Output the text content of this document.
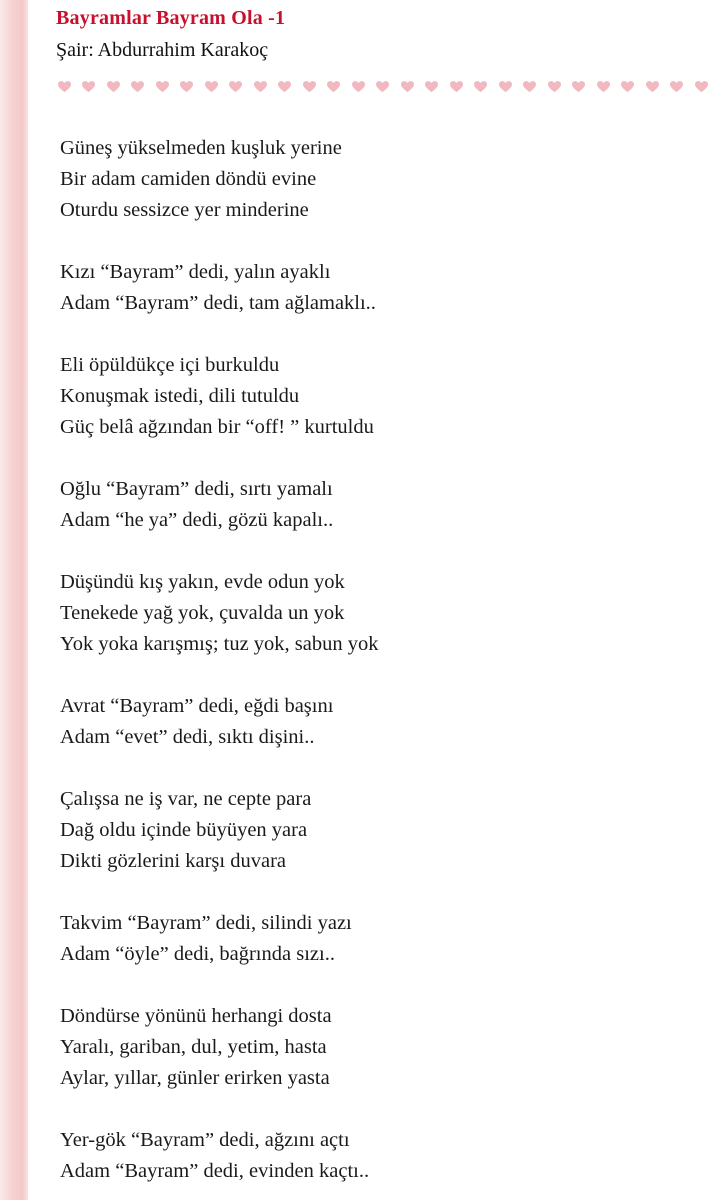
Bayramlar Bayram Ola -1
Şair: Abdurrahim Karakoç
Güneş yükselmeden kuşluk yerine
Bir adam camiden döndü evine
Oturdu sessizce yer minderine
Kızı “Bayram” dedi, yalın ayaklı
Adam “Bayram” dedi, tam ağlamaklı..
Eli öpüldükçe içi burkuldu
Konuşmak istedi, dili tutuldu
Güç belâ ağzından bir “off! ” kurtuldu
Oğlu “Bayram” dedi, sırtı yamalı
Adam “he ya” dedi, gözü kapalı..
Düşündü kış yakın, evde odun yok
Tenekede yağ yok, çuvalda un yok
Yok yoka karışmış; tuz yok, sabun yok
Avrat “Bayram” dedi, eğdi başını
Adam “evet” dedi, sıktı dişini..
Çalışsa ne iş var, ne cepte para
Dağ oldu içinde büyüyen yara
Dikti gözlerini karşı duvara
Takvim “Bayram” dedi, silindi yazı
Adam “öyle” dedi, bağrında sızı..
Döndürse yönünü herhangi dosta
Yaralı, gariban, dul, yetim, hasta
Aylar, yıllar, günler erirken yasta
Yer-gök “Bayram” dedi, ağzını açtı
Adam “Bayram” dedi, evinden kaçtı..
